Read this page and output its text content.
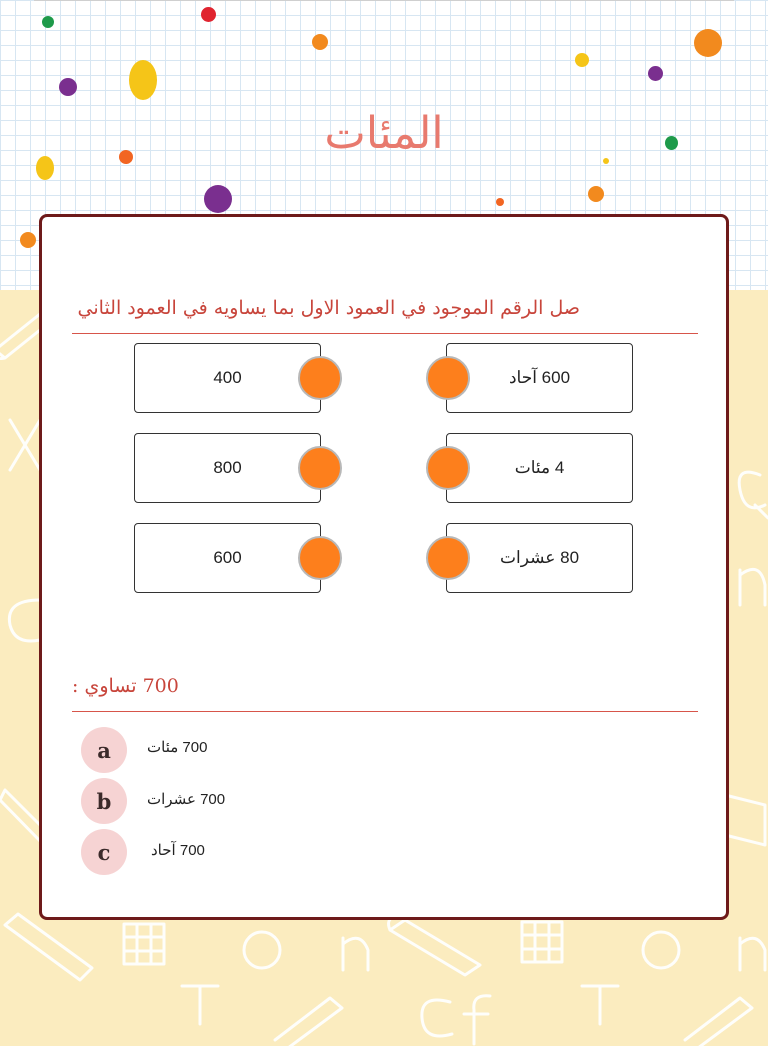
المئات
صل الرقم الموجود في العمود الاول بما يساويه في العمود الثاني
400
800
600
600 آحاد
4 مئات
80 عشرات
700 تساوي :
a 700 مئات
b 700 عشرات
c	700 آحاد
